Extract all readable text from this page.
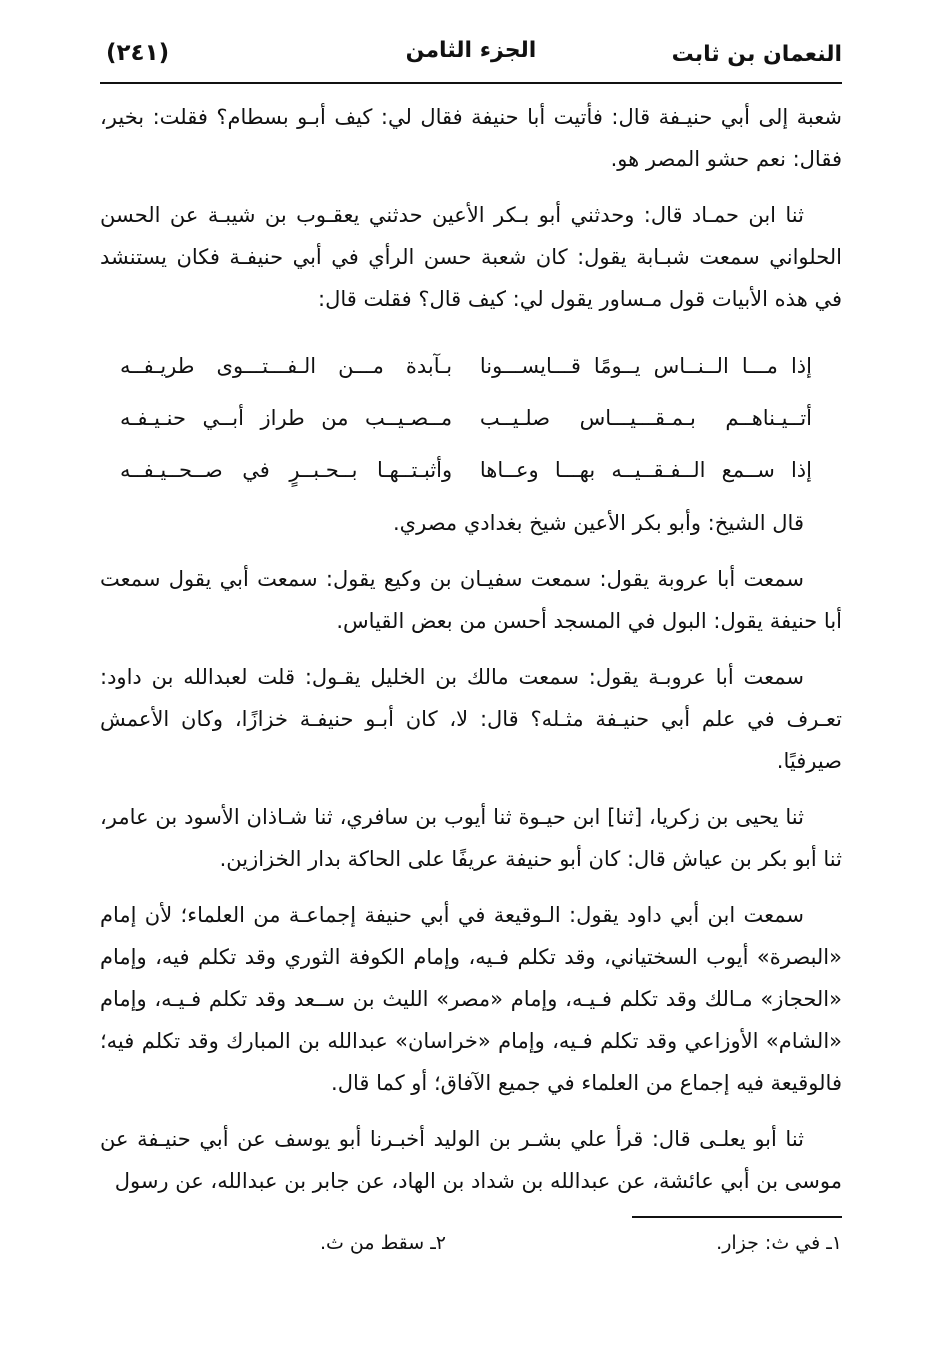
النعمان بن ثابت
الجزء الثامن
(٢٤١)

شعبة إلى أبي حنيـفة قال: فأتيت أبا حنيفة فقال لي: كيف أبـو بسطام؟ فقلت: بخير، فقال: نعم حشو المصر هو.

ثنا ابن حمـاد قال: وحدثني أبو بـكر الأعين حدثني يعقـوب بن شيبـة عن الحسن الحلواني سمعت شبـابة يقول: كان شعبة حسن الرأي في أبي حنيفـة فكان يستنشد في هذه الأبيات قول مـساور يقول لي: كيف قال؟ فقلت قال:

إذا مـــا الــنــاس يــومًا قـــايســـونا
بـآبدة مـــن الـفـــتـــوى طريـفــه
أتــيـناهــم بـمـقـــيـــاس صلـيــب
مــصـيــب من طراز أبــي حنـيـفـه
إذا ســمع الــفـقــيــه بهـــا وعــاها
وأثبـتــهـا بــحـبــرٍ في صــحــيـفــه

قال الشيخ: وأبو بكر الأعين شيخ بغدادي مصري.

سمعت أبا عروبة يقول: سمعت سفيـان بن وكيع يقول: سمعت أبي يقول سمعت أبا حنيفة يقول: البول في المسجد أحسن من بعض القياس.

سمعت أبا عروبـة يقول: سمعت مالك بن الخليل يقـول: قلت لعبدالله بن داود: تعـرف في علم أبي حنيـفة مثـله؟ قال: لا، كان أبـو حنيفـة خزازًا، وكان الأعمش صيرفيًا.

ثنا يحيى بن زكريا، [ثنا] ابن حيـوة ثنا أيوب بن سافري، ثنا شـاذان الأسود بن عامر، ثنا أبو بكر بن عياش قال: كان أبو حنيفة عريفًا على الحاكة بدار الخزازين.

سمعت ابن أبي داود يقول: الـوقيعة في أبي حنيفة إجماعـة من العلماء؛ لأن إمام «البصرة» أيوب السختياني، وقد تكلم فـيه، وإمام الكوفة الثوري وقد تكلم فيه، وإمام «الحجاز» مـالك وقد تكلم فـيـه، وإمام «مصر» الليث بن ســعد وقد تكلم فـيـه، وإمام «الشام» الأوزاعي وقد تكلم فـيه، وإمام «خراسان» عبدالله بن المبارك وقد تكلم فيه؛ فالوقيعة فيه إجماع من العلماء في جميع الآفاق؛ أو كما قال.

ثنا أبو يعلـى قال: قرأ علي بشـر بن الوليد أخبـرنا أبو يوسف عن أبي حنيـفة عن موسى بن أبي عائشة، عن عبدالله بن شداد بن الهاد، عن جابر بن عبدالله، عن رسول

١ـ في ث: جزار.
٢ـ سقط من ث.
